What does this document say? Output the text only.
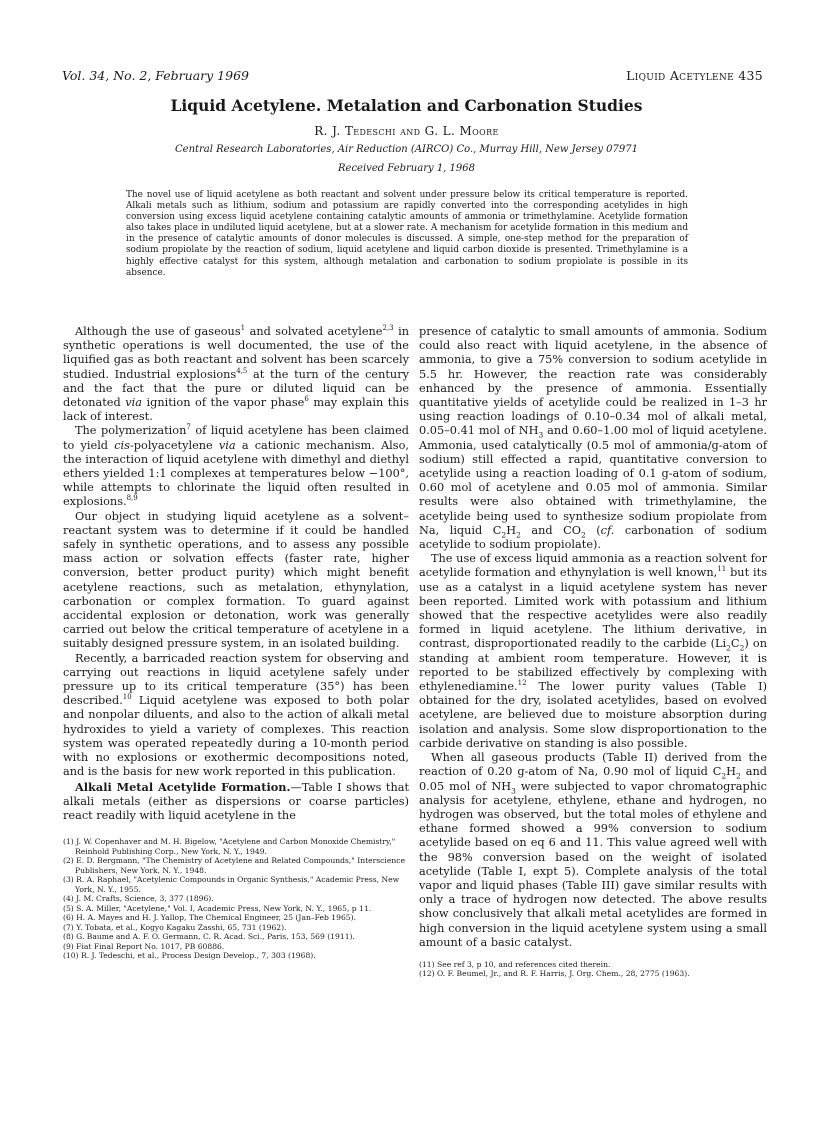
Vol. 34, No. 2, February 1969	Liquid Acetylene 435
Liquid Acetylene. Metalation and Carbonation Studies
R. J. Tedeschi and G. L. Moore
Central Research Laboratories, Air Reduction (AIRCO) Co., Murray Hill, New Jersey 07971
Received February 1, 1968
The novel use of liquid acetylene as both reactant and solvent under pressure below its critical temperature is reported. Alkali metals such as lithium, sodium and potassium are rapidly converted into the corresponding acetylides in high conversion using excess liquid acetylene containing catalytic amounts of ammonia or trimethylamine. Acetylide formation also takes place in undiluted liquid acetylene, but at a slower rate. A mechanism for acetylide formation in this medium and in the presence of catalytic amounts of donor molecules is discussed. A simple, one-step method for the preparation of sodium propiolate by the reaction of sodium, liquid acetylene and liquid carbon dioxide is presented. Trimethylamine is a highly effective catalyst for this system, although metalation and carbonation to sodium propiolate is possible in its absence.

Although the use of gaseous$^1$ and solvated acetylene$^{2,3}$ in synthetic operations is well documented, the use of the liquified gas as both reactant and solvent has been scarcely studied. Industrial explosions$^{4,5}$ at the turn of the century and the fact that the pure or diluted liquid can be detonated via ignition of the vapor phase$^6$ may explain this lack of interest.

The polymerization$^7$ of liquid acetylene has been claimed to yield cis-polyacetylene via a cationic mechanism. Also, the interaction of liquid acetylene with dimethyl and diethyl ethers yielded 1:1 complexes at temperatures below −100°, while attempts to chlorinate the liquid often resulted in explosions.$^{8,9}$

Our object in studying liquid acetylene as a solvent–reactant system was to determine if it could be handled safely in synthetic operations, and to assess any possible mass action or solvation effects (faster rate, higher conversion, better product purity) which might benefit acetylene reactions, such as metalation, ethynylation, carbonation or complex formation. To guard against accidental explosion or detonation, work was generally carried out below the critical temperature of acetylene in a suitably designed pressure system, in an isolated building.

Recently, a barricaded reaction system for observing and carrying out reactions in liquid acetylene safely under pressure up to its critical temperature (35°) has been described.$^{10}$ Liquid acetylene was exposed to both polar and nonpolar diluents, and also to the action of alkali metal hydroxides to yield a variety of complexes. This reaction system was operated repeatedly during a 10-month period with no explosions or exothermic decompositions noted, and is the basis for new work reported in this publication.

Alkali Metal Acetylide Formation.—Table I shows that alkali metals (either as dispersions or coarse particles) react readily with liquid acetylene in the

(1) J. W. Copenhaver and M. H. Bigelow, "Acetylene and Carbon Monoxide Chemistry," Reinhold Publishing Corp., New York, N. Y., 1949.
(2) E. D. Bergmann, "The Chemistry of Acetylene and Related Compounds," Interscience Publishers, New York, N. Y., 1948.
(3) R. A. Raphael, "Acetylenic Compounds in Organic Synthesis," Academic Press, New York, N. Y., 1955.
(4) J. M. Crafts, Science, 3, 377 (1896).
(5) S. A. Miller, "Acetylene," Vol. I, Academic Press, New York, N. Y., 1965, p 11.
(6) H. A. Mayes and H. J. Yallop, The Chemical Engineer, 25 (Jan–Feb 1965).
(7) Y. Tobata, et al., Kogyo Kagaku Zasshi, 65, 731 (1962).
(8) G. Baume and A. F. O. Germann, C. R. Acad. Sci., Paris, 153, 569 (1911).
(9) Fiat Final Report No. 1017, PB 60886.
(10) R. J. Tedeschi, et al., Process Design Develop., 7, 303 (1968).

presence of catalytic to small amounts of ammonia. Sodium could also react with liquid acetylene, in the absence of ammonia, to give a 75% conversion to sodium acetylide in 5.5 hr. However, the reaction rate was considerably enhanced by the presence of ammonia. Essentially quantitative yields of acetylide could be realized in 1–3 hr using reaction loadings of 0.10–0.34 mol of alkali metal, 0.05–0.41 mol of $NH_3$ and 0.60–1.00 mol of liquid acetylene. Ammonia, used catalytically (0.5 mol of ammonia/g-atom of sodium) still effected a rapid, quantitative conversion to acetylide using a reaction loading of 0.1 g-atom of sodium, 0.60 mol of acetylene and 0.05 mol of ammonia. Similar results were also obtained with trimethylamine, the acetylide being used to synthesize sodium propiolate from Na, liquid $C_2H_2$ and $CO_2$ (cf. carbonation of sodium acetylide to sodium propiolate).

The use of excess liquid ammonia as a reaction solvent for acetylide formation and ethynylation is well known,$^{11}$ but its use as a catalyst in a liquid acetylene system has never been reported. Limited work with potassium and lithium showed that the respective acetylides were also readily formed in liquid acetylene. The lithium derivative, in contrast, disproportionated readily to the carbide $(Li_2C_2)$ on standing at ambient room temperature. However, it is reported to be stabilized effectively by complexing with ethylenediamine.$^{12}$ The lower purity values (Table I) obtained for the dry, isolated acetylides, based on evolved acetylene, are believed due to moisture absorption during isolation and analysis. Some slow disproportionation to the carbide derivative on standing is also possible.

When all gaseous products (Table II) derived from the reaction of 0.20 g-atom of Na, 0.90 mol of liquid $C_2H_2$ and 0.05 mol of $NH_3$ were subjected to vapor chromatographic analysis for acetylene, ethylene, ethane and hydrogen, no hydrogen was observed, but the total moles of ethylene and ethane formed showed a 99% conversion to sodium acetylide based on eq 6 and 11. This value agreed well with the 98% conversion based on the weight of isolated acetylide (Table I, expt 5). Complete analysis of the total vapor and liquid phases (Table III) gave similar results with only a trace of hydrogen now detected. The above results show conclusively that alkali metal acetylides are formed in high conversion in the liquid acetylene system using a small amount of a basic catalyst.

(11) See ref 3, p 10, and references cited therein.
(12) O. F. Beumel, Jr., and R. F. Harris, J. Org. Chem., 28, 2775 (1963).
